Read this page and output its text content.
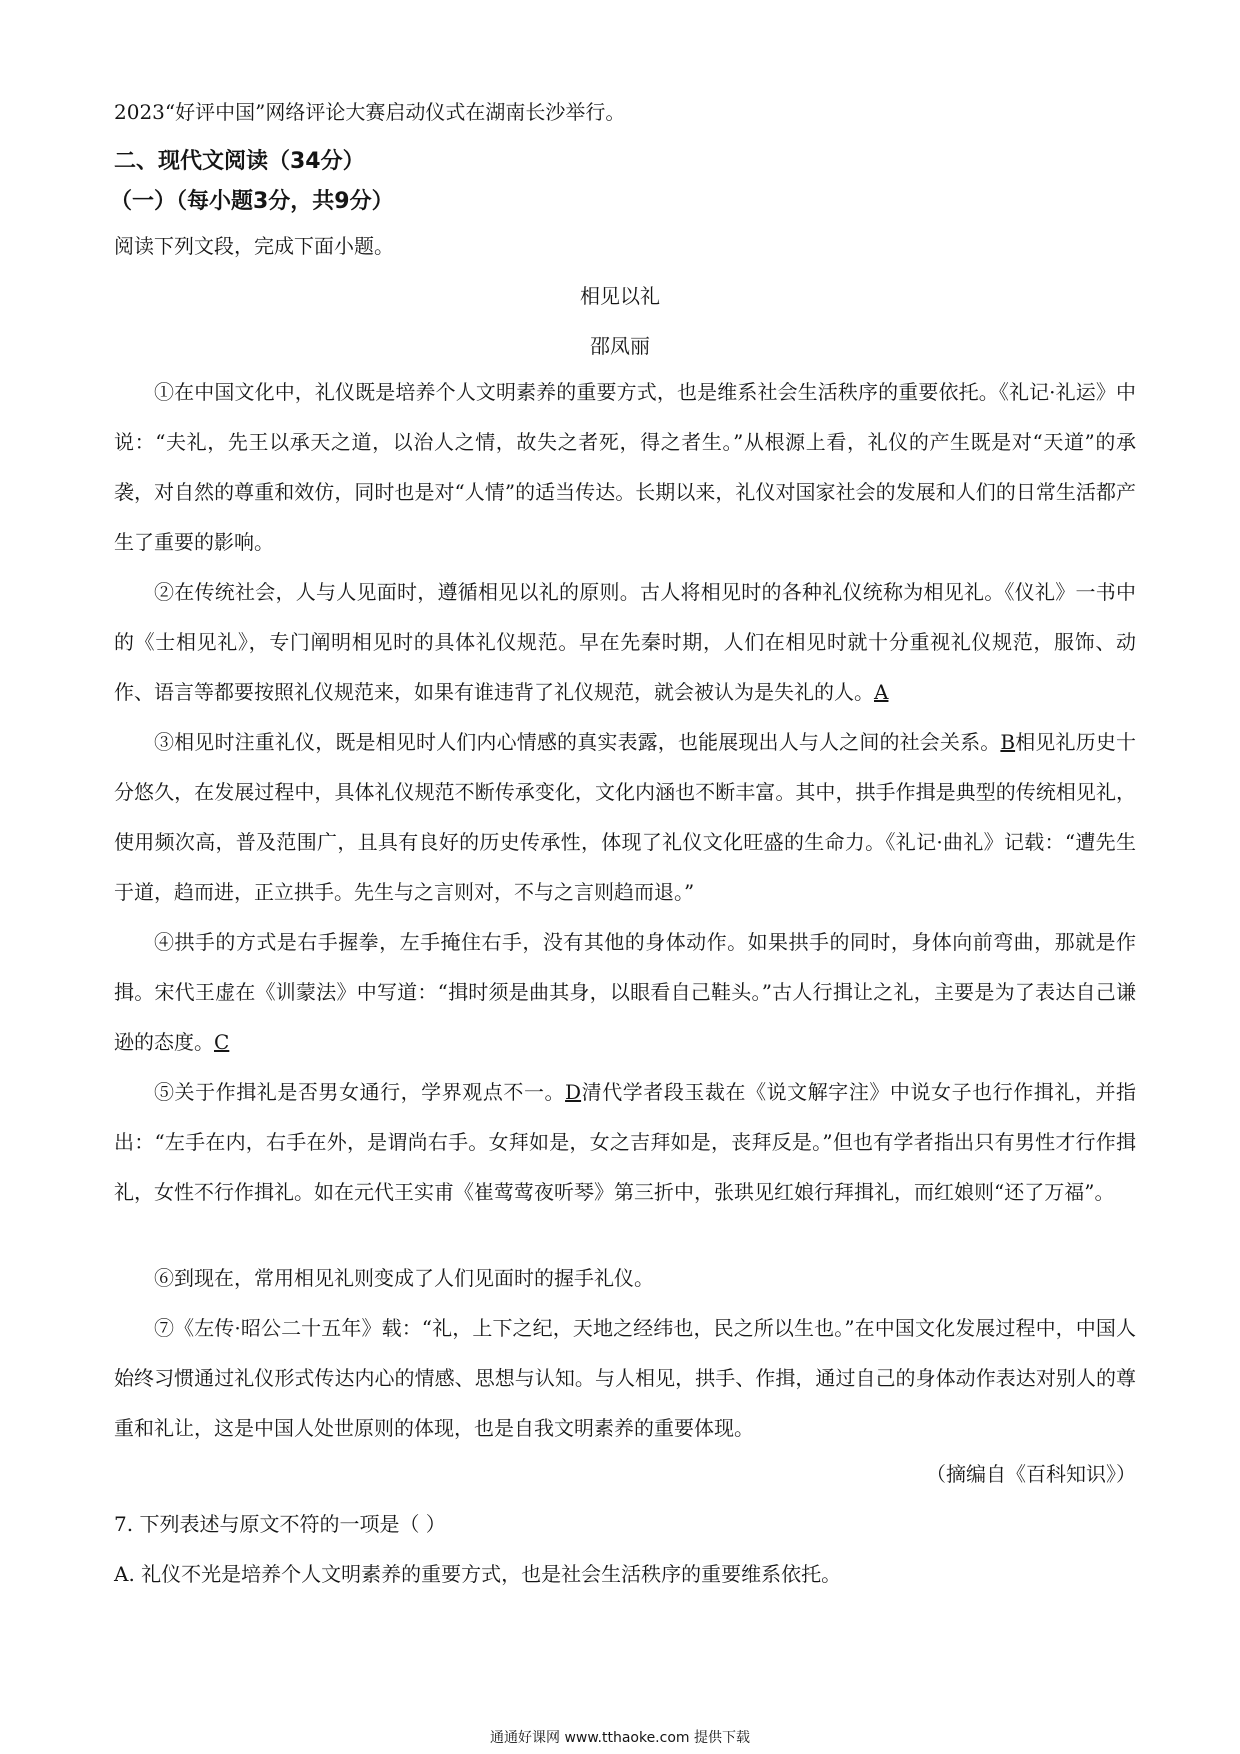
2023“好评中国”网络评论大赛启动仪式在湖南长沙举行。
二、现代文阅读（34分）
（一）（每小题3分，共9分）
阅读下列文段，完成下面小题。
相见以礼
邵凤丽
①在中国文化中，礼仪既是培养个人文明素养的重要方式，也是维系社会生活秩序的重要依托。《礼记·礼运》中说：“夫礼，先王以承天之道，以治人之情，故失之者死，得之者生。”从根源上看，礼仪的产生既是对“天道”的承袭，对自然的尊重和效仿，同时也是对“人情”的适当传达。长期以来，礼仪对国家社会的发展和人们的日常生活都产生了重要的影响。
②在传统社会，人与人见面时，遵循相见以礼的原则。古人将相见时的各种礼仪统称为相见礼。《仪礼》一书中的《士相见礼》，专门阐明相见时的具体礼仪规范。早在先秦时期，人们在相见时就十分重视礼仪规范，服饰、动作、语言等都要按照礼仪规范来，如果有谁违背了礼仪规范，就会被认为是失礼的人。A
③相见时注重礼仪，既是相见时人们内心情感的真实表露，也能展现出人与人之间的社会关系。B相见礼历史十分悠久，在发展过程中，具体礼仪规范不断传承变化，文化内涵也不断丰富。其中，拱手作揖是典型的传统相见礼，使用频次高，普及范围广，且具有良好的历史传承性，体现了礼仪文化旺盛的生命力。《礼记·曲礼》记载：“遭先生于道，趋而进，正立拱手。先生与之言则对，不与之言则趋而退。”
④拱手的方式是右手握拳，左手掩住右手，没有其他的身体动作。如果拱手的同时，身体向前弯曲，那就是作揖。宋代王虚在《训蒙法》中写道：“揖时须是曲其身，以眼看自己鞋头。”古人行揖让之礼，主要是为了表达自己谦逊的态度。C
⑤关于作揖礼是否男女通行，学界观点不一。D清代学者段玉裁在《说文解字注》中说女子也行作揖礼，并指出：“左手在内，右手在外，是谓尚右手。女拜如是，女之吉拜如是，丧拜反是。”但也有学者指出只有男性才行作揖礼，女性不行作揖礼。如在元代王实甫《崔莺莺夜听琴》第三折中，张珙见红娘行拜揖礼，而红娘则“还了万福”。
⑥到现在，常用相见礼则变成了人们见面时的握手礼仪。
⑦《左传·昭公二十五年》载：“礼，上下之纪，天地之经纬也，民之所以生也。”在中国文化发展过程中，中国人始终习惯通过礼仪形式传达内心的情感、思想与认知。与人相见，拱手、作揖，通过自己的身体动作表达对别人的尊重和礼让，这是中国人处世原则的体现，也是自我文明素养的重要体现。
（摘编自《百科知识》）
7. 下列表述与原文不符的一项是（ ）
A. 礼仪不光是培养个人文明素养的重要方式，也是社会生活秩序的重要维系依托。
通通好课网 www.tthaoke.com 提供下载
